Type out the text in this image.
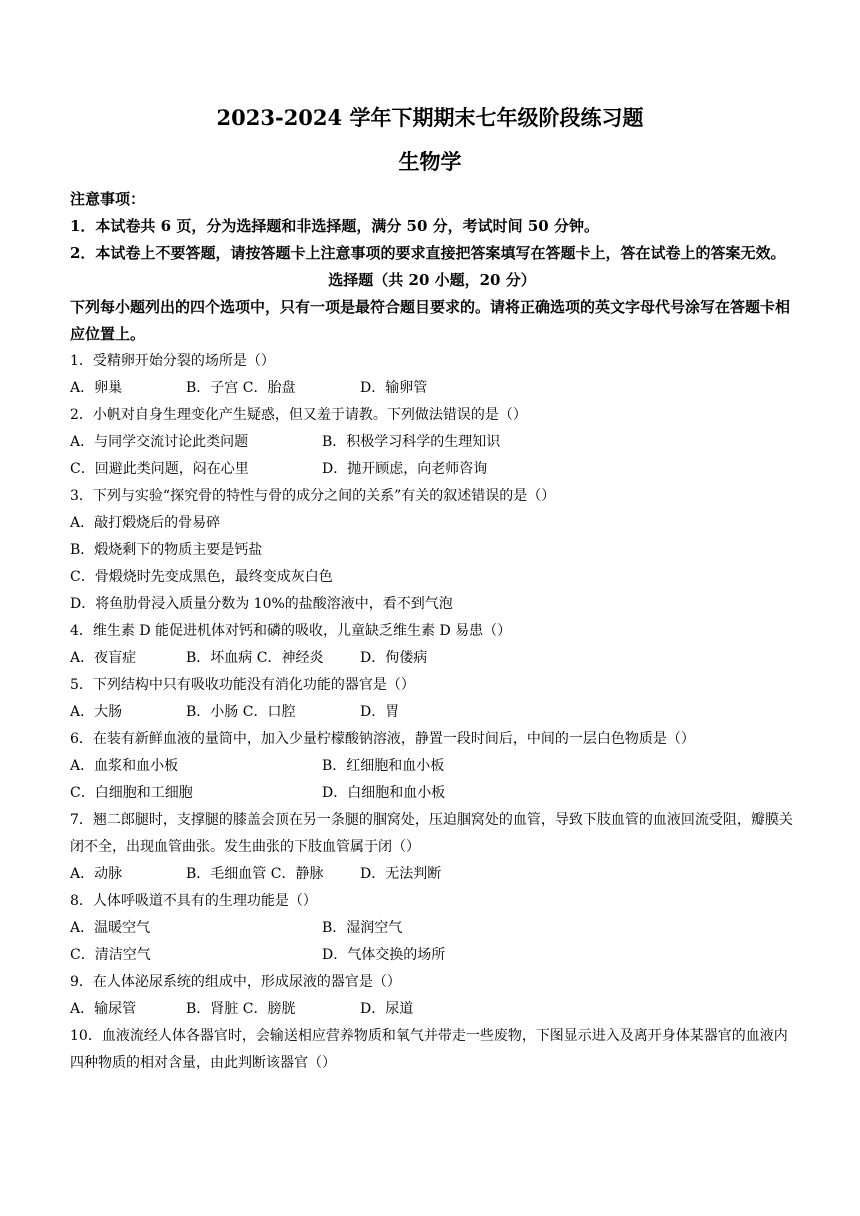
2023-2024 学年下期期末七年级阶段练习题
生物学
注意事项：
1．本试卷共 6 页，分为选择题和非选择题，满分 50 分，考试时间 50 分钟。
2．本试卷上不要答题，请按答题卡上注意事项的要求直接把答案填写在答题卡上，答在试卷上的答案无效。
选择题（共 20 小题，20 分）
下列每小题列出的四个选项中，只有一项是最符合题目要求的。请将正确选项的英文字母代号涂写在答题卡相应位置上。
1．受精卵开始分裂的场所是（）
A．卵巢	B．子宫 C．胎盘	D．输卵管
2．小帆对自身生理变化产生疑惑，但又羞于请教。下列做法错误的是（）
A．与同学交流讨论此类问题	B．积极学习科学的生理知识
C．回避此类问题，闷在心里	D．抛开顾虑，向老师咨询
3．下列与实验“探究骨的特性与骨的成分之间的关系”有关的叙述错误的是（）
A．敲打煅烧后的骨易碎
B．煅烧剩下的物质主要是钙盐
C．骨煅烧时先变成黑色，最终变成灰白色
D．将鱼肋骨浸入质量分数为 10%的盐酸溶液中，看不到气泡
4．维生素 D 能促进机体对钙和磷的吸收，儿童缺乏维生素 D 易患（）
A．夜盲症	B．坏血病 C．神经炎	D．佝偻病
5．下列结构中只有吸收功能没有消化功能的器官是（）
A．大肠	B．小肠 C．口腔	D．胃
6．在装有新鲜血液的量筒中，加入少量柠檬酸钠溶液，静置一段时间后，中间的一层白色物质是（）
A．血浆和血小板	B．红细胞和血小板
C．白细胞和工细胞	D．白细胞和血小板
7．翘二郎腿时，支撑腿的膝盖会顶在另一条腿的腘窝处，压迫腘窝处的血管，导致下肢血管的血液回流受阻，瓣膜关闭不全，出现血管曲张。发生曲张的下肢血管属于闭（）
A．动脉	B．毛细血管 C．静脉	D．无法判断
8．人体呼吸道不具有的生理功能是（）
A．温暖空气	B．湿润空气
C．清洁空气	D．气体交换的场所
9．在人体泌尿系统的组成中，形成尿液的器官是（）
A．输尿管	B．肾脏 C．膀胱	D．尿道
10．血液流经人体各器官时，会输送相应营养物质和氧气并带走一些废物，下图显示进入及离开身体某器官的血液内四种物质的相对含量，由此判断该器官（）
